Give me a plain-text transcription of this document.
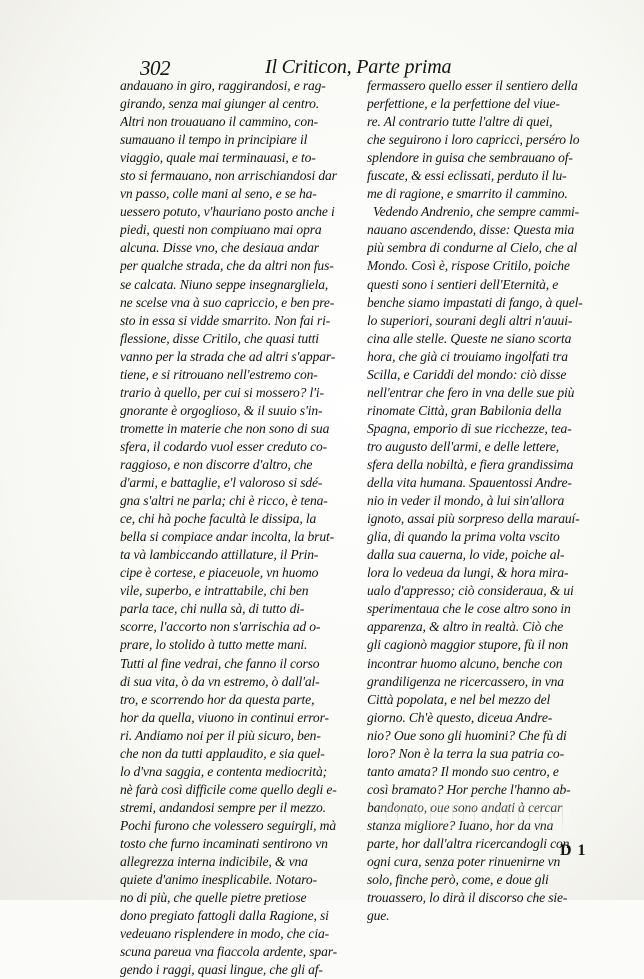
302	Il Criticon, Parte prima
andauano in giro, raggirandosi, e rag-
girando, senza mai giunger al centro.
Altri non trouauano il cammino, con-
sumauano il tempo in principiare il
viaggio, quale mai terminauasi, e to-
sto si fermauano, non arrischiandosi dar
vn passo, colle mani al seno, e se ha-
uessero potuto, v'hauriano posto anche i
piedi, questi non compiuano mai opra
alcuna. Disse vno, che desiaua andar
per qualche strada, che da altri non fus-
se calcata. Niuno seppe insegnargliela,
ne scelse vna à suo capriccio, e ben pre-
sto in essa si vidde smarrito. Non fai ri-
flessione, disse Critilo, che quasi tutti
vanno per la strada che ad altri s'appar-
tiene, e si ritrouano nell'estremo con-
trario à quello, per cui si mossero? l'i-
gnorante è orgoglioso, & il suuio s'in-
tromette in materie che non sono di sua
sfera, il codardo vuol esser creduto co-
raggioso, e non discorre d'altro, che
d'armi, e battaglie, e'l valoroso si sdé-
gna s'altri ne parla; chi è ricco, è tena-
ce, chi hà poche facultà le dissipa, la
bella si compiace andar incolta, la brut-
ta và lambiccando attillature, il Prin-
cipe è cortese, e piaceuole, vn huomo
vile, superbo, e intrattabile, chi ben
parla tace, chi nulla sà, di tutto di-
scorre, l'accorto non s'arrischia ad o-
prare, lo stolido à tutto mette mani.
Tutti al fine vedrai, che fanno il corso
di sua vita, ò da vn estremo, ò dall'al-
tro, e scorrendo hor da questa parte,
hor da quella, viuono in continui error-
ri. Andiamo noi per il più sicuro, ben-
che non da tutti applaudito, e sia quel-
lo d'vna saggia, e contenta mediocrità;
nè farà così difficile come quello degli e-
stremi, andandosi sempre per il mezzo.
Pochi furono che volessero seguirgli, mà
tosto che furno incaminati sentirono vn
allegrezza interna indicibile, & vna
quiete d'animo inesplicabile. Notaro-
no di più, che quelle pietre pretiose
dono pregiato fattogli dalla Ragione, si
vedeuano risplendere in modo, che cia-
scuna pareua vna fiaccola ardente, spar-
gendo i raggi, quasi lingue, che gli af-
fermassero quello esser il sentiero della
perfettione, e la perfettione del viue-
re. Al contrario tutte l'altre di quei,
che seguirono i loro capricci, perséro lo
splendore in guisa che sembrauano of-
fuscate, & essi eclissati, perduto il lu-
me di ragione, e smarrito il cammino.
Vedendo Andrenio, che sempre cammi-
nauano ascendendo, disse: Questa mia
più sembra di condurne al Cielo, che al
Mondo. Così è, rispose Critilo, poiche
questi sono i sentieri dell'Eternità, e
benche siamo impastati di fango, à quel-
lo superiori, sourani degli altri n'auui-
cina alle stelle. Queste ne siano scorta
hora, che già ci trouiamo ingolfati tra
Scilla, e Cariddi del mondo: ciò disse
nell'entrar che fero in vna delle sue più
rinomate Città, gran Babilonia della
Spagna, emporio di sue ricchezze, tea-
tro augusto dell'armi, e delle lettere,
sfera della nobiltà, e fiera grandissima
della vita humana. Spauentossi Andre-
nio in veder il mondo, à lui sin'allora
ignoto, assai più sorpreso della marauí-
glia, di quando la prima volta vscito
dalla sua cauerna, lo vide, poiche al-
lora lo vedeua da lungi, & hora mira-
ualo d'appresso; ciò consideraua, & ui
sperimentaua che le cose altro sono in
apparenza, & altro in realtà. Ciò che
gli cagionò maggior stupore, fù il non
incontrar huomo alcuno, benche con
grandiligenza ne ricercassero, in vna
Città popolata, e nel bel mezzo del
giorno. Ch'è questo, diceua Andre-
nio? Oue sono gli huomini? Che fù di
loro? Non è la terra la sua patria co-
tanto amata? Il mondo suo centro, e
così bramato? Hor perche l'hanno ab-
bandonato, oue sono andati à cercar
stanza migliore? Iuano, hor da vna
parte, hor dall'altra ricercandogli con
ogni cura, senza poter rinuenirne vn
solo, finche però, come, e doue gli
trouassero, lo dirà il discorso che sie-
gue.
D 1
